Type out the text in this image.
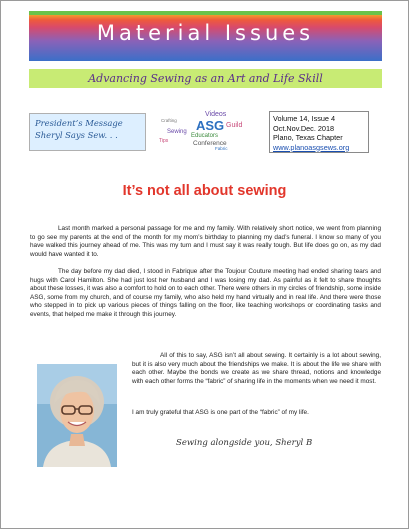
Material Issues
Advancing Sewing as an Art and Life Skill
President’s Message
Sheryl Says Sew. . .
Videos
ASG Guild
Educators
Conference
Crafting
Fabric
Tips
Sewing
Volume 14, Issue 4
Oct.Nov.Dec. 2018
Plano, Texas Chapter
www.planoasgsews.org
It’s not all about sewing

Last month marked a personal passage for me and my family. With relatively short notice, we went from planning to go see my parents at the end of the month for my mom’s birthday to planning my dad’s funeral. I know so many of you have walked this journey ahead of me. This was my turn and I must say it was really tough. But life does go on, as my dad would have wanted it to.

The day before my dad died, I stood in Fabrique after the Toujour Couture meeting had ended sharing tears and hugs with Carol Hamilton. She had just lost her husband and I was losing my dad. As painful as it felt to share thoughts about these losses, it was also a comfort to hold on to each other. There were others in my circles of friendship, some inside ASG, some from my church, and of course my family, who also held my hand virtually and in real life. And there were those who stepped in to pick up various pieces of things falling on the floor, like teaching workshops or coordinating tasks and events, that helped me make it through this journey.

All of this to say, ASG isn’t all about sewing. It certainly is a lot about sewing, but it is also very much about the friendships we make. It is about the life we share with each other. Maybe the bonds we create as we share thread, notions and knowledge with each other forms the “fabric” of sharing life in the moments when we need it most.

I am truly grateful that ASG is one part of the “fabric” of my life.

Sewing alongside you, Sheryl B
